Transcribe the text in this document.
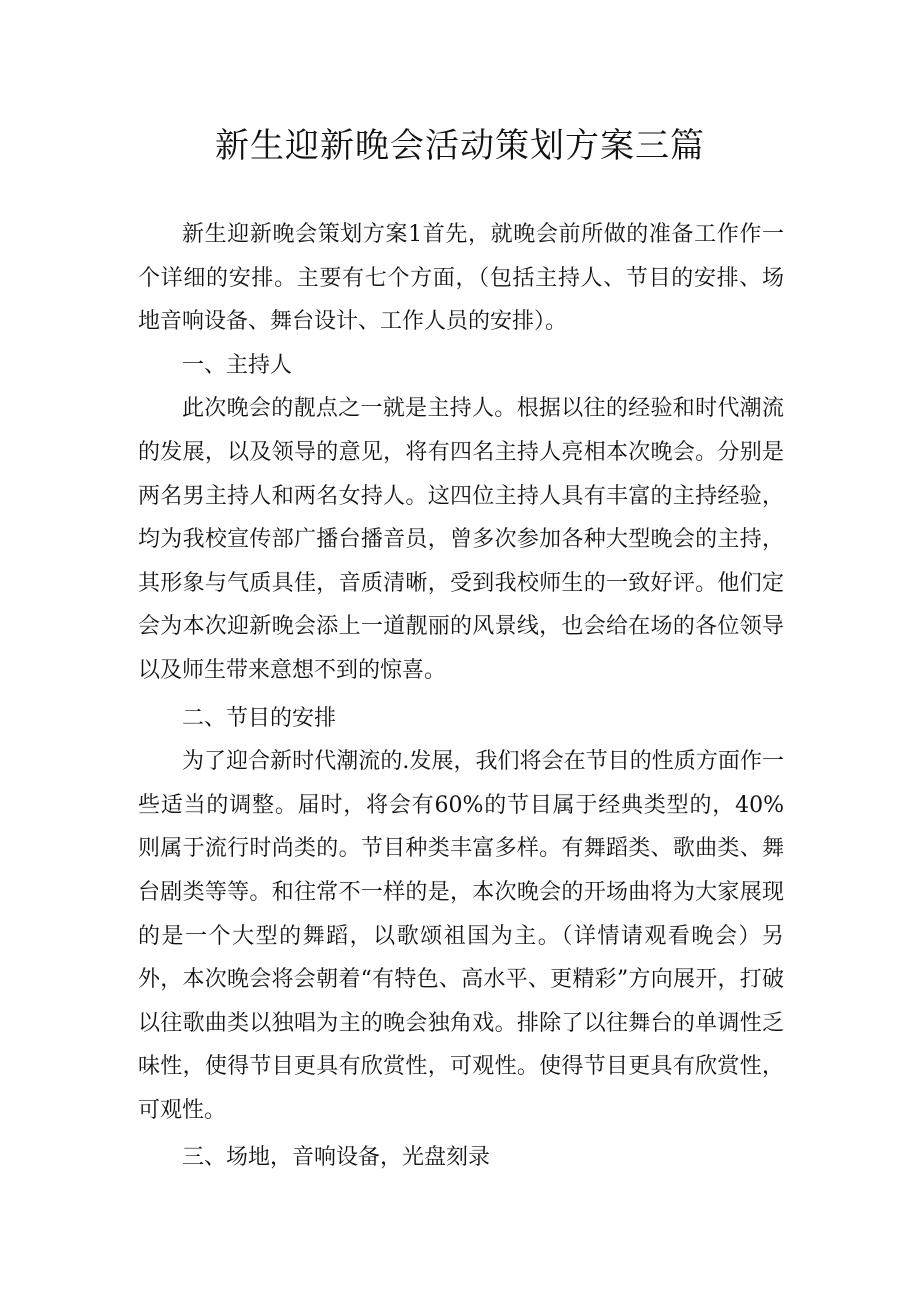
新生迎新晚会活动策划方案三篇

新生迎新晚会策划方案1首先，就晚会前所做的准备工作作一个详细的安排。主要有七个方面，（包括主持人、节目的安排、场地音响设备、舞台设计、工作人员的安排）。

一、主持人

此次晚会的靓点之一就是主持人。根据以往的经验和时代潮流的发展，以及领导的意见，将有四名主持人亮相本次晚会。分别是两名男主持人和两名女持人。这四位主持人具有丰富的主持经验，均为我校宣传部广播台播音员，曾多次参加各种大型晚会的主持，其形象与气质具佳，音质清晰，受到我校师生的一致好评。他们定会为本次迎新晚会添上一道靓丽的风景线，也会给在场的各位领导以及师生带来意想不到的惊喜。

二、节目的安排

为了迎合新时代潮流的.发展，我们将会在节目的性质方面作一些适当的调整。届时，将会有60%的节目属于经典类型的，40%则属于流行时尚类的。节目种类丰富多样。有舞蹈类、歌曲类、舞台剧类等等。和往常不一样的是，本次晚会的开场曲将为大家展现的是一个大型的舞蹈，以歌颂祖国为主。（详情请观看晚会）另外，本次晚会将会朝着“有特色、高水平、更精彩”方向展开，打破以往歌曲类以独唱为主的晚会独角戏。排除了以往舞台的单调性乏味性，使得节目更具有欣赏性，可观性。使得节目更具有欣赏性，可观性。

三、场地，音响设备，光盘刻录
